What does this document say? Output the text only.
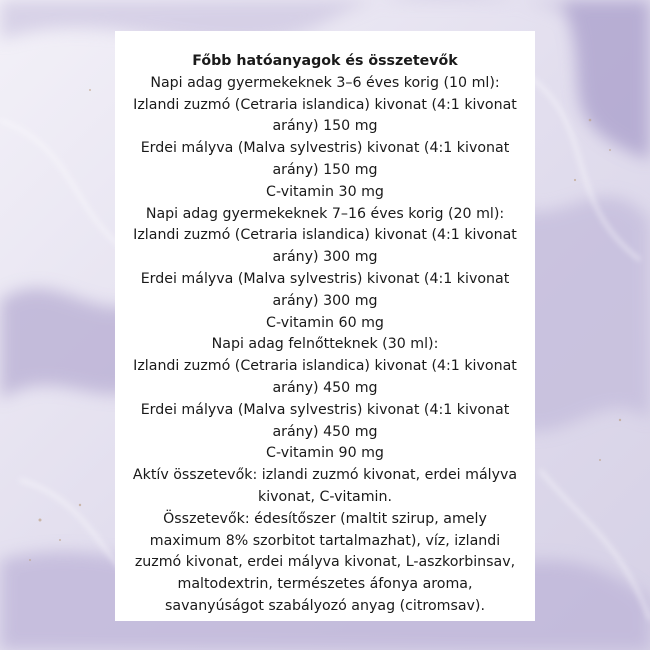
Főbb hatóanyagok és összetevők
Napi adag gyermekeknek 3–6 éves korig (10 ml):
Izlandi zuzmó (Cetraria islandica) kivonat (4:1 kivonat
arány) 150 mg
Erdei mályva (Malva sylvestris) kivonat (4:1 kivonat
arány) 150 mg
C-vitamin 30 mg
Napi adag gyermekeknek 7–16 éves korig (20 ml):
Izlandi zuzmó (Cetraria islandica) kivonat (4:1 kivonat
arány) 300 mg
Erdei mályva (Malva sylvestris) kivonat (4:1 kivonat
arány) 300 mg
C-vitamin 60 mg
Napi adag felnőtteknek (30 ml):
Izlandi zuzmó (Cetraria islandica) kivonat (4:1 kivonat
arány) 450 mg
Erdei mályva (Malva sylvestris) kivonat (4:1 kivonat
arány) 450 mg
C-vitamin 90 mg
Aktív összetevők: izlandi zuzmó kivonat, erdei mályva
kivonat, C-vitamin.
Összetevők: édesítőszer (maltit szirup, amely
maximum 8% szorbitot tartalmazhat), víz, izlandi
zuzmó kivonat, erdei mályva kivonat, L-aszkorbinsav,
maltodextrin, természetes áfonya aroma,
savanyúságot szabályozó anyag (citromsav).
